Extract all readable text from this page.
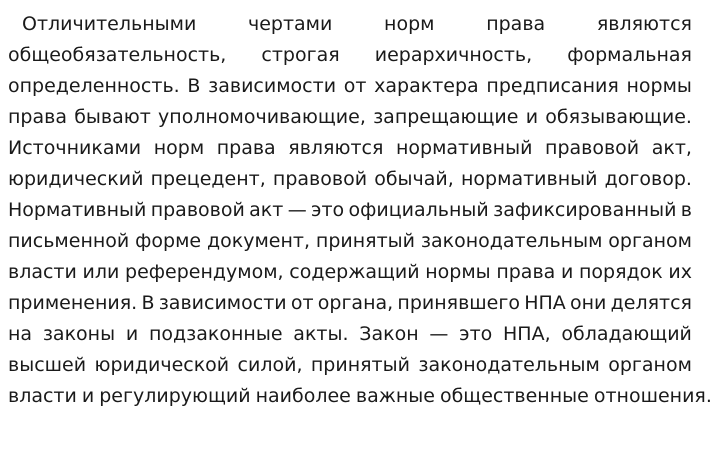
Отличительными	чертами	норм	права	являются
общеобязательность, строгая иерархичность, формальная
определенность. В зависимости от характера предписания нормы
права бывают уполномочивающие, запрещающие и обязывающие.
Источниками норм права являются нормативный правовой акт,
юридический прецедент, правовой обычай, нормативный договор.
Нормативный правовой акт — это официальный зафиксированный в
письменной форме документ, принятый законодательным органом
власти или референдумом, содержащий нормы права и порядок их
применения. В зависимости от органа, принявшего НПА они делятся
на законы и подзаконные акты. Закон — это НПА, обладающий
высшей юридической силой, принятый законодательным органом
власти и регулирующий наиболее важные общественные отношения.
